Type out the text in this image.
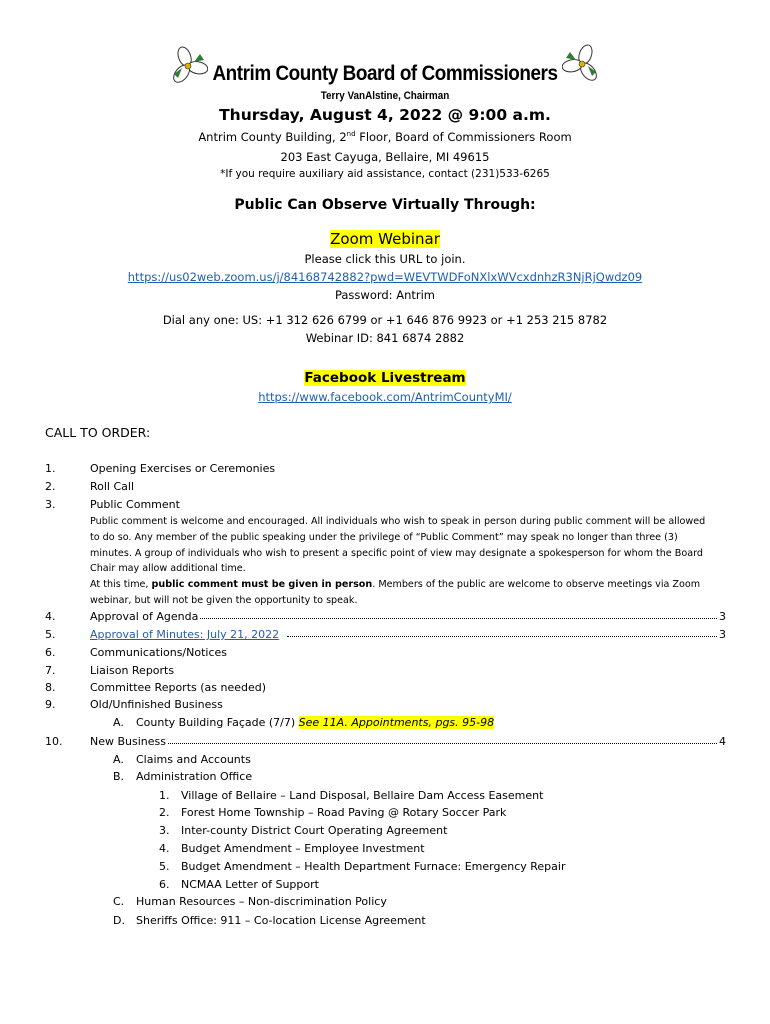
Antrim County Board of Commissioners
Terry VanAlstine, Chairman
Thursday, August 4, 2022 @ 9:00 a.m.
Antrim County Building, 2nd Floor, Board of Commissioners Room
203 East Cayuga, Bellaire, MI 49615
*If you require auxiliary aid assistance, contact (231)533-6265
Public Can Observe Virtually Through:
Zoom Webinar
Please click this URL to join.
https://us02web.zoom.us/j/84168742882?pwd=WEVTWDFoNXlxWVcxdnhzR3NjRjQwdz09
Password: Antrim
Dial any one: US: +1 312 626 6799 or +1 646 876 9923 or +1 253 215 8782
Webinar ID: 841 6874 2882
Facebook Livestream
https://www.facebook.com/AntrimCountyMI/
CALL TO ORDER:
1.	Opening Exercises or Ceremonies
2.	Roll Call
3.	Public Comment
Public comment is welcome and encouraged. All individuals who wish to speak in person during public comment will be allowed to do so. Any member of the public speaking under the privilege of “Public Comment” may speak no longer than three (3) minutes. A group of individuals who wish to present a specific point of view may designate a spokesperson for whom the Board Chair may allow additional time.
At this time, public comment must be given in person. Members of the public are welcome to observe meetings via Zoom webinar, but will not be given the opportunity to speak.
4.	Approval of Agenda	3
5.	Approval of Minutes: July 21, 2022	3
6.	Communications/Notices
7.	Liaison Reports
8.	Committee Reports (as needed)
9.	Old/Unfinished Business
A. County Building Façade (7/7) See 11A. Appointments, pgs. 95-98
10.	New Business	4
A. Claims and Accounts
B. Administration Office
1. Village of Bellaire – Land Disposal, Bellaire Dam Access Easement
2. Forest Home Township – Road Paving @ Rotary Soccer Park
3. Inter-county District Court Operating Agreement
4. Budget Amendment – Employee Investment
5. Budget Amendment – Health Department Furnace: Emergency Repair
6. NCMAA Letter of Support
C. Human Resources – Non-discrimination Policy
D. Sheriffs Office: 911 – Co-location License Agreement
